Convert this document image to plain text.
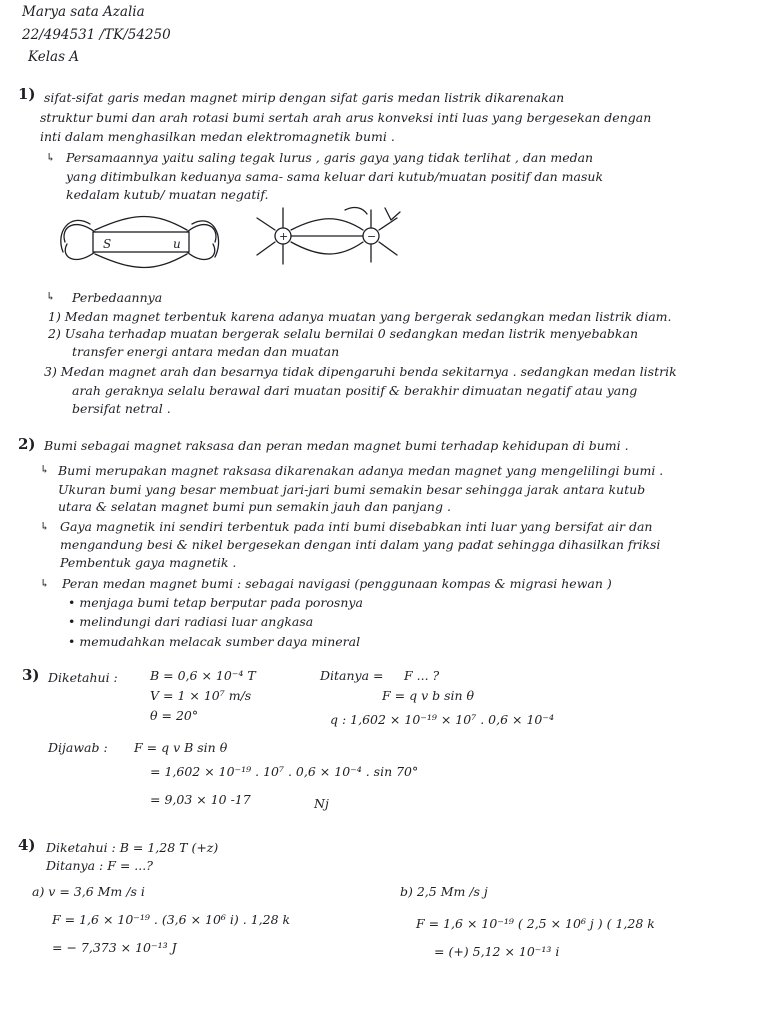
Marya sata Azalia
22/494531 /TK/54250
Kelas A
1) sifat-sifat garis medan magnet mirip dengan sifat garis medan listrik dikarenakan
struktur bumi dan arah rotasi bumi sertah arah arus konveksi inti luas yang bergesekan dengan
inti dalam menghasilkan medan elektromagnetik bumi .
↳ Persamaannya yaitu saling tegak lurus , garis gaya yang tidak terlihat , dan medan
yang ditimbulkan keduanya sama- sama keluar dari kutub/muatan positif dan masuk
kedalam kutub/ muatan negatif.
S	u
+	−
↳ Perbedaannya
1) Medan magnet terbentuk karena adanya muatan yang bergerak sedangkan medan listrik diam.
2) Usaha terhadap muatan bergerak selalu bernilai 0 sedangkan medan listrik menyebabkan
transfer energi antara medan dan muatan
3) Medan magnet arah dan besarnya tidak dipengaruhi benda sekitarnya . sedangkan medan listrik
arah geraknya selalu berawal dari muatan positif & berakhir dimuatan negatif atau yang
bersifat netral .
2) Bumi sebagai magnet raksasa dan peran medan magnet bumi terhadap kehidupan di bumi .
↳ Bumi merupakan magnet raksasa dikarenakan adanya medan magnet yang mengelilingi bumi .
Ukuran bumi yang besar membuat jari-jari bumi semakin besar sehingga jarak antara kutub
utara & selatan magnet bumi pun semakin jauh dan panjang .
↳ Gaya magnetik ini sendiri terbentuk pada inti bumi disebabkan inti luar yang bersifat air dan
mengandung besi & nikel bergesekan dengan inti dalam yang padat sehingga dihasilkan friksi
Pembentuk gaya magnetik .
↳ Peran medan magnet bumi : sebagai navigasi (penggunaan kompas & migrasi hewan )
• menjaga bumi tetap berputar pada porosnya
• melindungi dari radiasi luar angkasa
• memudahkan melacak sumber daya mineral
3) Diketahui :	B = 0,6 × 10⁻⁴ T
V = 1 × 10⁷ m/s
θ = 20°
Ditanya = F ... ?
F = q v b sin θ
q : 1,602 × 10⁻¹⁹ × 10⁷ . 0,6 × 10⁻⁴
Dijawab : F = q v B sin θ
= 1,602 × 10⁻¹⁹ . 10⁷ . 0,6 × 10⁻⁴ . sin 70°
= 9,03 × 10 -17	Nj
4) Diketahui : B = 1,28 T (+z)
Ditanya : F = ...?
a) v = 3,6 Mm /s i
F = 1,6 × 10⁻¹⁹ . (3,6 × 10⁶ i) . 1,28 k
= − 7,373 × 10⁻¹³ J
b) 2,5 Mm /s j
F = 1,6 × 10⁻¹⁹ ( 2,5 × 10⁶ j ) ( 1,28 k
= (+) 5,12 × 10⁻¹³ i
